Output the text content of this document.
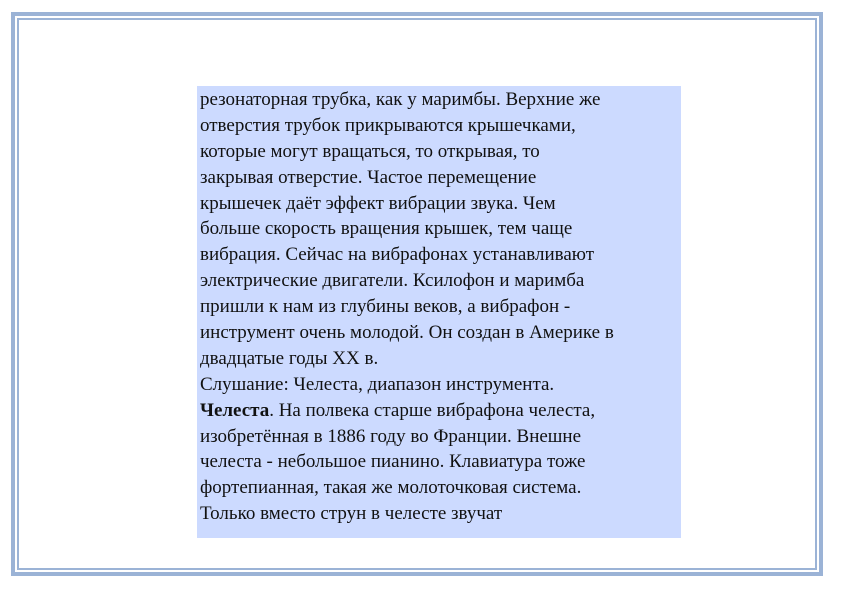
резонаторная трубка, как у маримбы. Верхние же
отверстия трубок прикрываются крышечками,
которые могут вращаться, то открывая, то
закрывая отверстие. Частое перемещение
крышечек даёт эффект вибрации звука. Чем
больше скорость вращения крышек, тем чаще
вибрация. Сейчас на вибрафонах устанавливают
электрические двигатели. Ксилофон и маримба
пришли к нам из глубины веков, а вибрафон -
инструмент очень молодой. Он создан в Америке в
двадцатые годы XX в.
Слушание: Челеста, диапазон инструмента.
Челеста. На полвека старше вибрафона челеста,
изобретённая в 1886 году во Франции. Внешне
челеста - небольшое пианино. Клавиатура тоже
фортепианная, такая же молоточковая система.
Только вместо струн в челесте звучат
